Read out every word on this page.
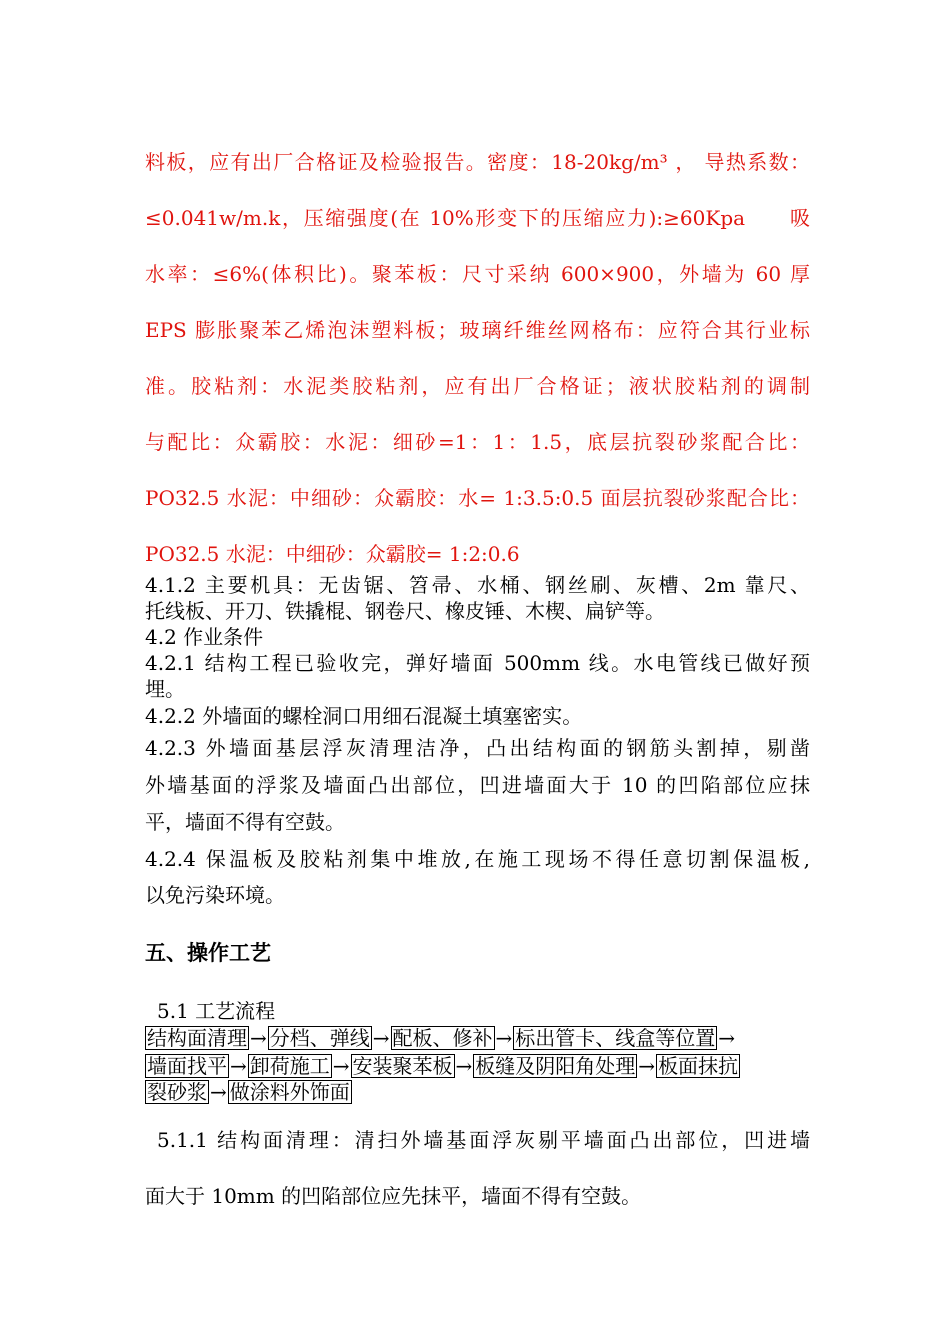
料板，应有出厂合格证及检验报告。密度：18-20kg/m³ ， 导热系数：

≤0.041w/m.k，压缩强度(在 10%形变下的压缩应力):≥60Kpa　　吸

水率：≤6%(体积比)。聚苯板：尺寸采纳 600×900，外墙为 60 厚

EPS 膨胀聚苯乙烯泡沫塑料板；玻璃纤维丝网格布：应符合其行业标

准。胶粘剂：水泥类胶粘剂，应有出厂合格证；液状胶粘剂的调制

与配比：众霸胶：水泥：细砂=1：1：1.5，底层抗裂砂浆配合比：

PO32.5 水泥：中细砂：众霸胶：水= 1:3.5:0.5 面层抗裂砂浆配合比：

PO32.5 水泥：中细砂：众霸胶= 1:2:0.6

4.1.2 主要机具：无齿锯、笤帚、水桶、钢丝刷、灰槽、2m 靠尺、

托线板、开刀、铁撬棍、钢卷尺、橡皮锤、木楔、扁铲等。

4.2 作业条件

4.2.1 结构工程已验收完，弹好墙面 500mm 线。水电管线已做好预

埋。

4.2.2 外墙面的螺栓洞口用细石混凝土填塞密实。

4.2.3 外墙面基层浮灰清理洁净，凸出结构面的钢筋头割掉，剔凿

外墙基面的浮浆及墙面凸出部位，凹进墙面大于 10 的凹陷部位应抹

平，墙面不得有空鼓。

4.2.4 保温板及胶粘剂集中堆放,在施工现场不得任意切割保温板,

以免污染环境。

五、操作工艺

5.1 工艺流程

结构面清理 → 分档、弹线 → 配板、修补 → 标出管卡、线盒等位置 →
墙面找平 → 卸荷施工 → 安装聚苯板 → 板缝及阴阳角处理 → 板面抹抗
裂砂浆 → 做涂料外饰面

5.1.1 结构面清理：清扫外墙基面浮灰剔平墙面凸出部位，凹进墙

面大于 10mm 的凹陷部位应先抹平，墙面不得有空鼓。
